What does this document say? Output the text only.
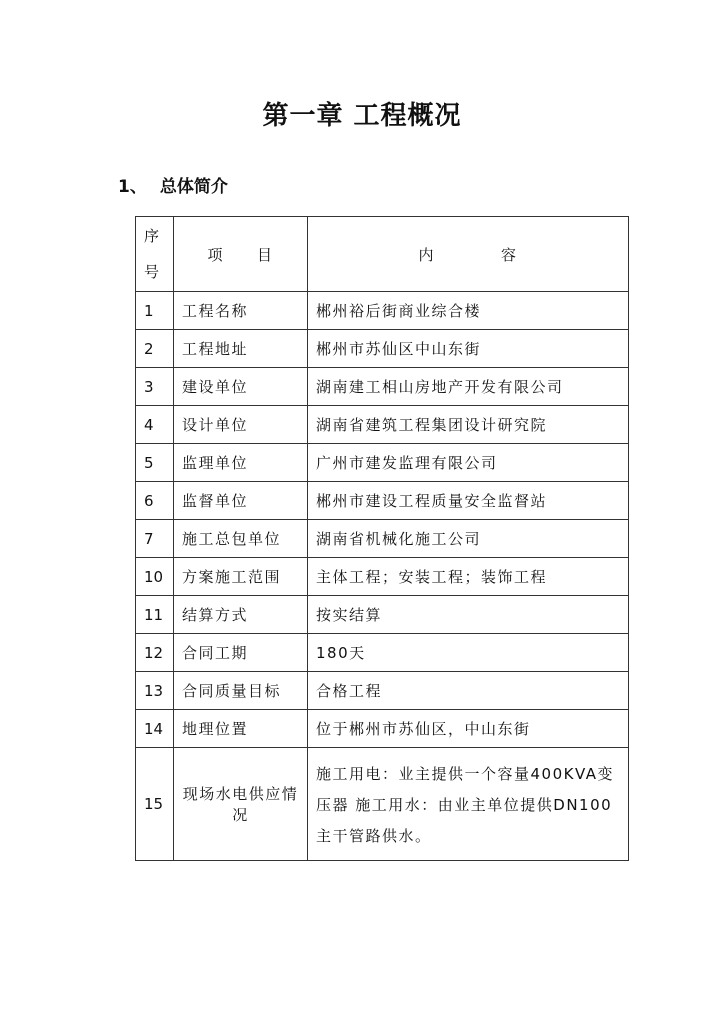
第一章 工程概况
1、 总体简介
序号	项　　目	内　　　　容
1	工程名称	郴州裕后街商业综合楼
2	工程地址	郴州市苏仙区中山东街
3	建设单位	湖南建工相山房地产开发有限公司
4	设计单位	湖南省建筑工程集团设计研究院
5	监理单位	广州市建发监理有限公司
6	监督单位	郴州市建设工程质量安全监督站
7	施工总包单位	湖南省机械化施工公司
10	方案施工范围	主体工程；安装工程；装饰工程
11	结算方式	按实结算
12	合同工期	180天
13	合同质量目标	合格工程
14	地理位置	位于郴州市苏仙区，中山东街
15	现场水电供应情况	施工用电：业主提供一个容量400KVA变压器 施工用水：由业主单位提供DN100主干管路供水。
